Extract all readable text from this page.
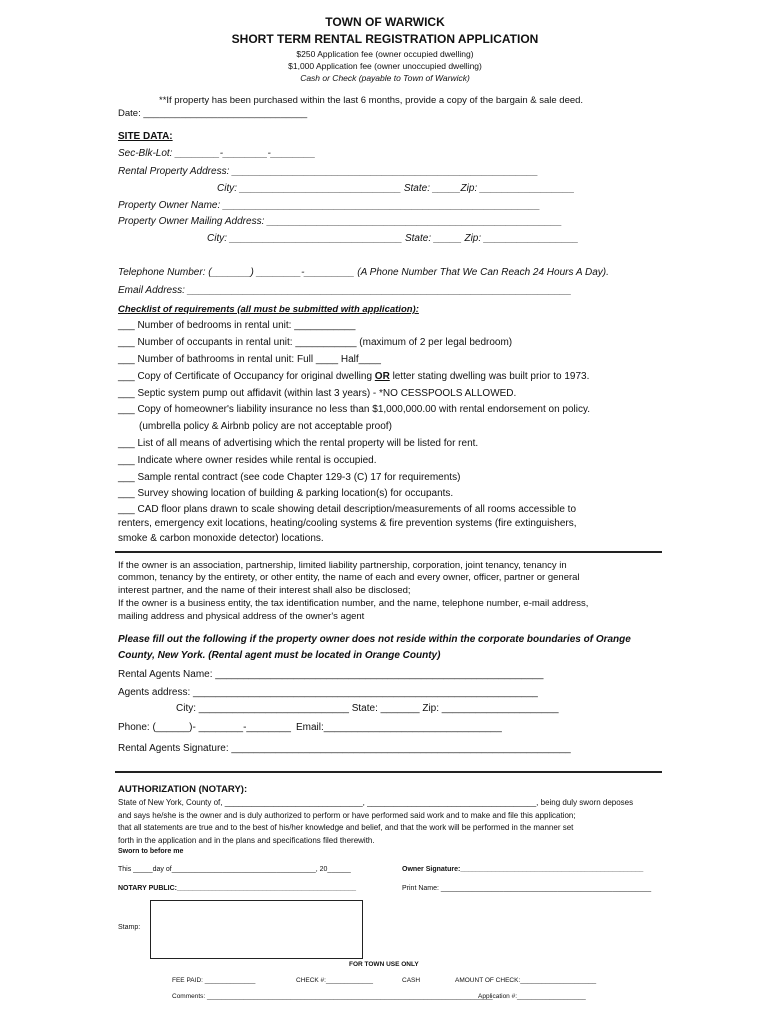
TOWN OF WARWICK
SHORT TERM RENTAL REGISTRATION APPLICATION
$250 Application fee (owner occupied dwelling)
$1,000 Application fee (owner unoccupied dwelling)
Cash or Check (payable to Town of Warwick)
**If property has been purchased within the last 6 months, provide a copy of the bargain & sale deed.
Date: _______________________________
SITE DATA:
Sec-Blk-Lot: ________-________-________
Rental Property Address: _______________________________________________________
City: _____________________________ State: _____Zip: _________________
Property Owner Name: _________________________________________________________
Property Owner Mailing Address: _____________________________________________________
City: _______________________________ State: _____ Zip: _________________
Telephone Number: (_______) ________-_________ (A Phone Number That We Can Reach 24 Hours A Day).
Email Address: _____________________________________________________________________
Checklist of requirements (all must be submitted with application):
___ Number of bedrooms in rental unit: ___________
___ Number of occupants in rental unit: ___________ (maximum of 2 per legal bedroom)
___ Number of bathrooms in rental unit: Full ____ Half____
___ Copy of Certificate of Occupancy for original dwelling OR letter stating dwelling was built prior to 1973.
___ Septic system pump out affidavit (within last 3 years) - *NO CESSPOOLS ALLOWED.
___ Copy of homeowner's liability insurance no less than $1,000,000.00 with rental endorsement on policy.
(umbrella policy & Airbnb policy are not acceptable proof)
___ List of all means of advertising which the rental property will be listed for rent.
___ Indicate where owner resides while rental is occupied.
___ Sample rental contract (see code Chapter 129-3 (C) 17 for requirements)
___ Survey showing location of building & parking location(s) for occupants.
___ CAD floor plans drawn to scale showing detail description/measurements of all rooms accessible to
renters, emergency exit locations, heating/cooling systems & fire prevention systems (fire extinguishers,
smoke & carbon monoxide detector) locations.
If the owner is an association, partnership, limited liability partnership, corporation, joint tenancy, tenancy in
common, tenancy by the entirety, or other entity, the name of each and every owner, officer, partner or general
interest partner, and the name of their interest shall also be disclosed;
If the owner is a business entity, the tax identification number, and the name, telephone number, e-mail address,
mailing address and physical address of the owner's agent
Please fill out the following if the property owner does not reside within the corporate boundaries of Orange
County, New York. (Rental agent must be located in Orange County)
Rental Agents Name: ___________________________________________________________
Agents address: ______________________________________________________________
City: ___________________________ State: _______ Zip: _____________________
Phone: (______)- ________-________ Email:________________________________
Rental Agents Signature: _____________________________________________________________
AUTHORIZATION (NOTARY):
State of New York, County of, _______________________________, ______________________________________, being duly sworn deposes
and says he/she is the owner and is duly authorized to perform or have performed said work and to make and file this application;
that all statements are true and to the best of his/her knowledge and belief, and that the work will be performed in the manner set
forth in the application and in the plans and specifications filed therewith.
Sworn to before me
This _____day of_____________________________________, 20______	Owner Signature:_______________________________________________
NOTARY PUBLIC:______________________________________________	Print Name: ______________________________________________________
Stamp:
FOR TOWN USE ONLY
FEE PAID: ______________	CHECK #:_____________	CASH	AMOUNT OF CHECK:_____________________
Comments: _______________________________________________________________________________
Application #:___________________
